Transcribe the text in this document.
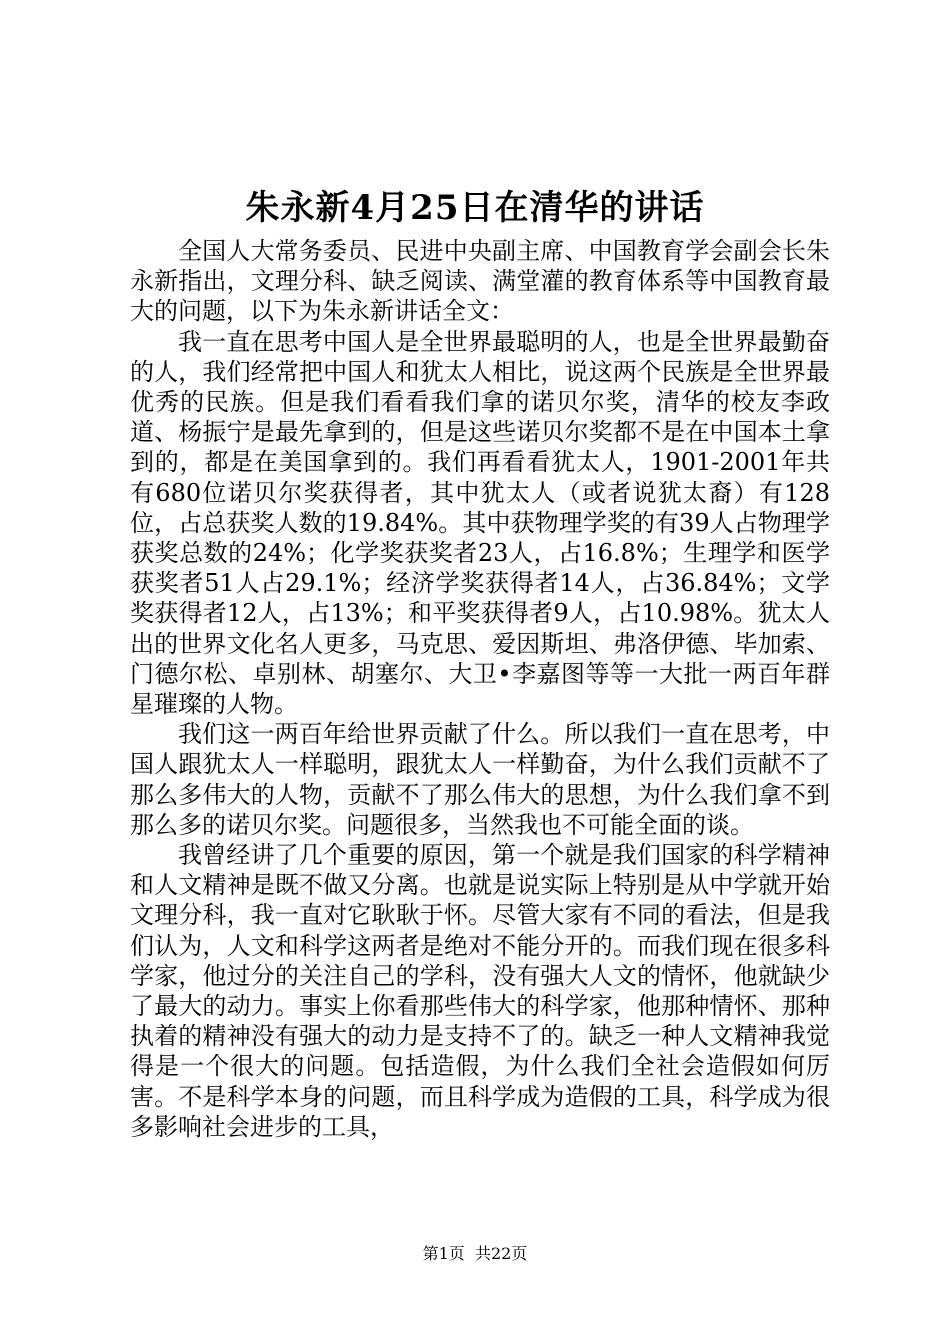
朱永新4月25日在清华的讲话

全国人大常务委员、民进中央副主席、中国教育学会副会长朱永新指出，文理分科、缺乏阅读、满堂灌的教育体系等中国教育最大的问题，以下为朱永新讲话全文：

我一直在思考中国人是全世界最聪明的人，也是全世界最勤奋的人，我们经常把中国人和犹太人相比，说这两个民族是全世界最优秀的民族。但是我们看看我们拿的诺贝尔奖，清华的校友李政道、杨振宁是最先拿到的，但是这些诺贝尔奖都不是在中国本土拿到的，都是在美国拿到的。我们再看看犹太人，1901-2001年共有680位诺贝尔奖获得者，其中犹太人（或者说犹太裔）有128位，占总获奖人数的19.84%。其中获物理学奖的有39人占物理学获奖总数的24%；化学奖获奖者23人，占16.8%；生理学和医学获奖者51人占29.1%；经济学奖获得者14人，占36.84%；文学奖获得者12人，占13%；和平奖获得者9人，占10.98%。犹太人出的世界文化名人更多，马克思、爱因斯坦、弗洛伊德、毕加索、门德尔松、卓别林、胡塞尔、大卫•李嘉图等等一大批一两百年群星璀璨的人物。

我们这一两百年给世界贡献了什么。所以我们一直在思考，中国人跟犹太人一样聪明，跟犹太人一样勤奋，为什么我们贡献不了那么多伟大的人物，贡献不了那么伟大的思想，为什么我们拿不到那么多的诺贝尔奖。问题很多，当然我也不可能全面的谈。

我曾经讲了几个重要的原因，第一个就是我们国家的科学精神和人文精神是既不做又分离。也就是说实际上特别是从中学就开始文理分科，我一直对它耿耿于怀。尽管大家有不同的看法，但是我们认为，人文和科学这两者是绝对不能分开的。而我们现在很多科学家，他过分的关注自己的学科，没有强大人文的情怀，他就缺少了最大的动力。事实上你看那些伟大的科学家，他那种情怀、那种执着的精神没有强大的动力是支持不了的。缺乏一种人文精神我觉得是一个很大的问题。包括造假，为什么我们全社会造假如何厉害。不是科学本身的问题，而且科学成为造假的工具，科学成为很多影响社会进步的工具，

第1页 共22页
